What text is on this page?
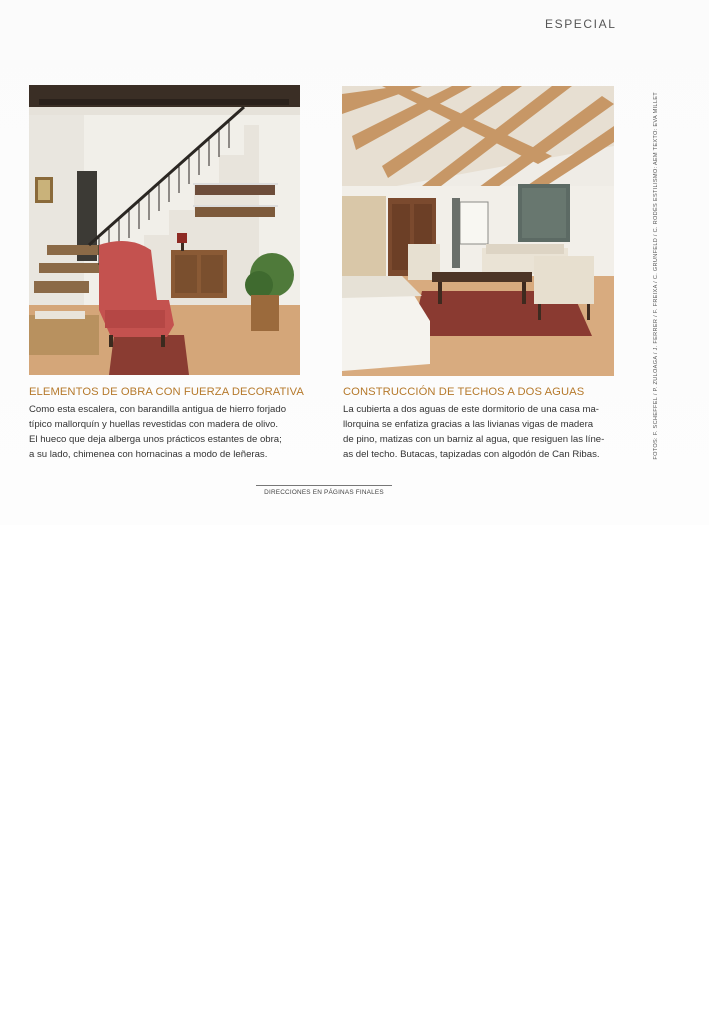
ESPECIAL
ELEMENTOS DE OBRA CON FUERZA DECORATIVA
Como esta escalera, con barandilla antigua de hierro forjado
típico mallorquín y huellas revestidas con madera de olivo.
El hueco que deja alberga unos prácticos estantes de obra;
a su lado, chimenea con hornacinas a modo de leñeras.
CONSTRUCCIÓN DE TECHOS A DOS AGUAS
La cubierta a dos aguas de este dormitorio de una casa ma-
llorquina se enfatiza gracias a las livianas vigas de madera
de pino, matizas con un barniz al agua, que resiguen las líne-
as del techo. Butacas, tapizadas con algodón de Can Ribas.
DIRECCIONES EN PÁGINAS FINALES
FOTOS: F. SCHEFFEL / P. ZULOAGA / J. FERRER / F. FREIXA / C. GRUNFELD / C. RODÉS ESTILISMO: AEM TEXTO: EVA MILLET
